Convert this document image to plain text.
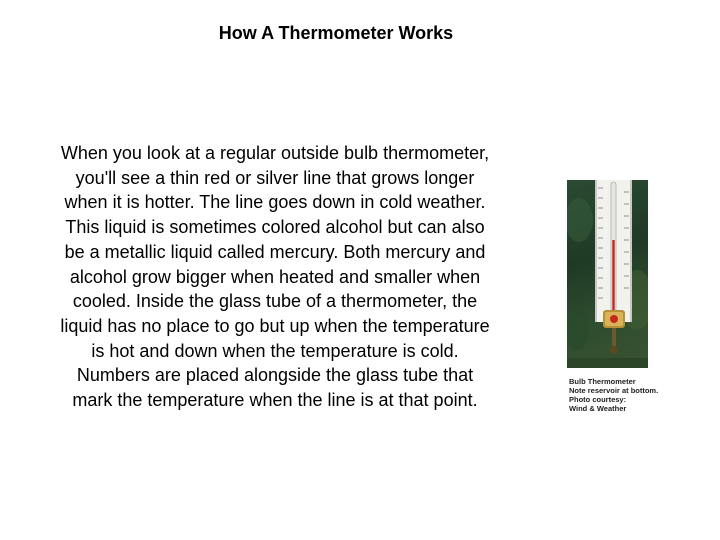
How A Thermometer Works
When you look at a regular outside bulb thermometer,
you'll see a thin red or silver line that grows longer
when it is hotter. The line goes down in cold weather.
This liquid is sometimes colored alcohol but can also
be a metallic liquid called mercury. Both mercury and
alcohol grow bigger when heated and smaller when
cooled. Inside the glass tube of a thermometer, the
liquid has no place to go but up when the temperature
is hot and down when the temperature is cold.
Numbers are placed alongside the glass tube that
mark the temperature when the line is at that point.
Bulb Thermometer
Note reservoir at bottom.
Photo courtesy:
Wind & Weather
